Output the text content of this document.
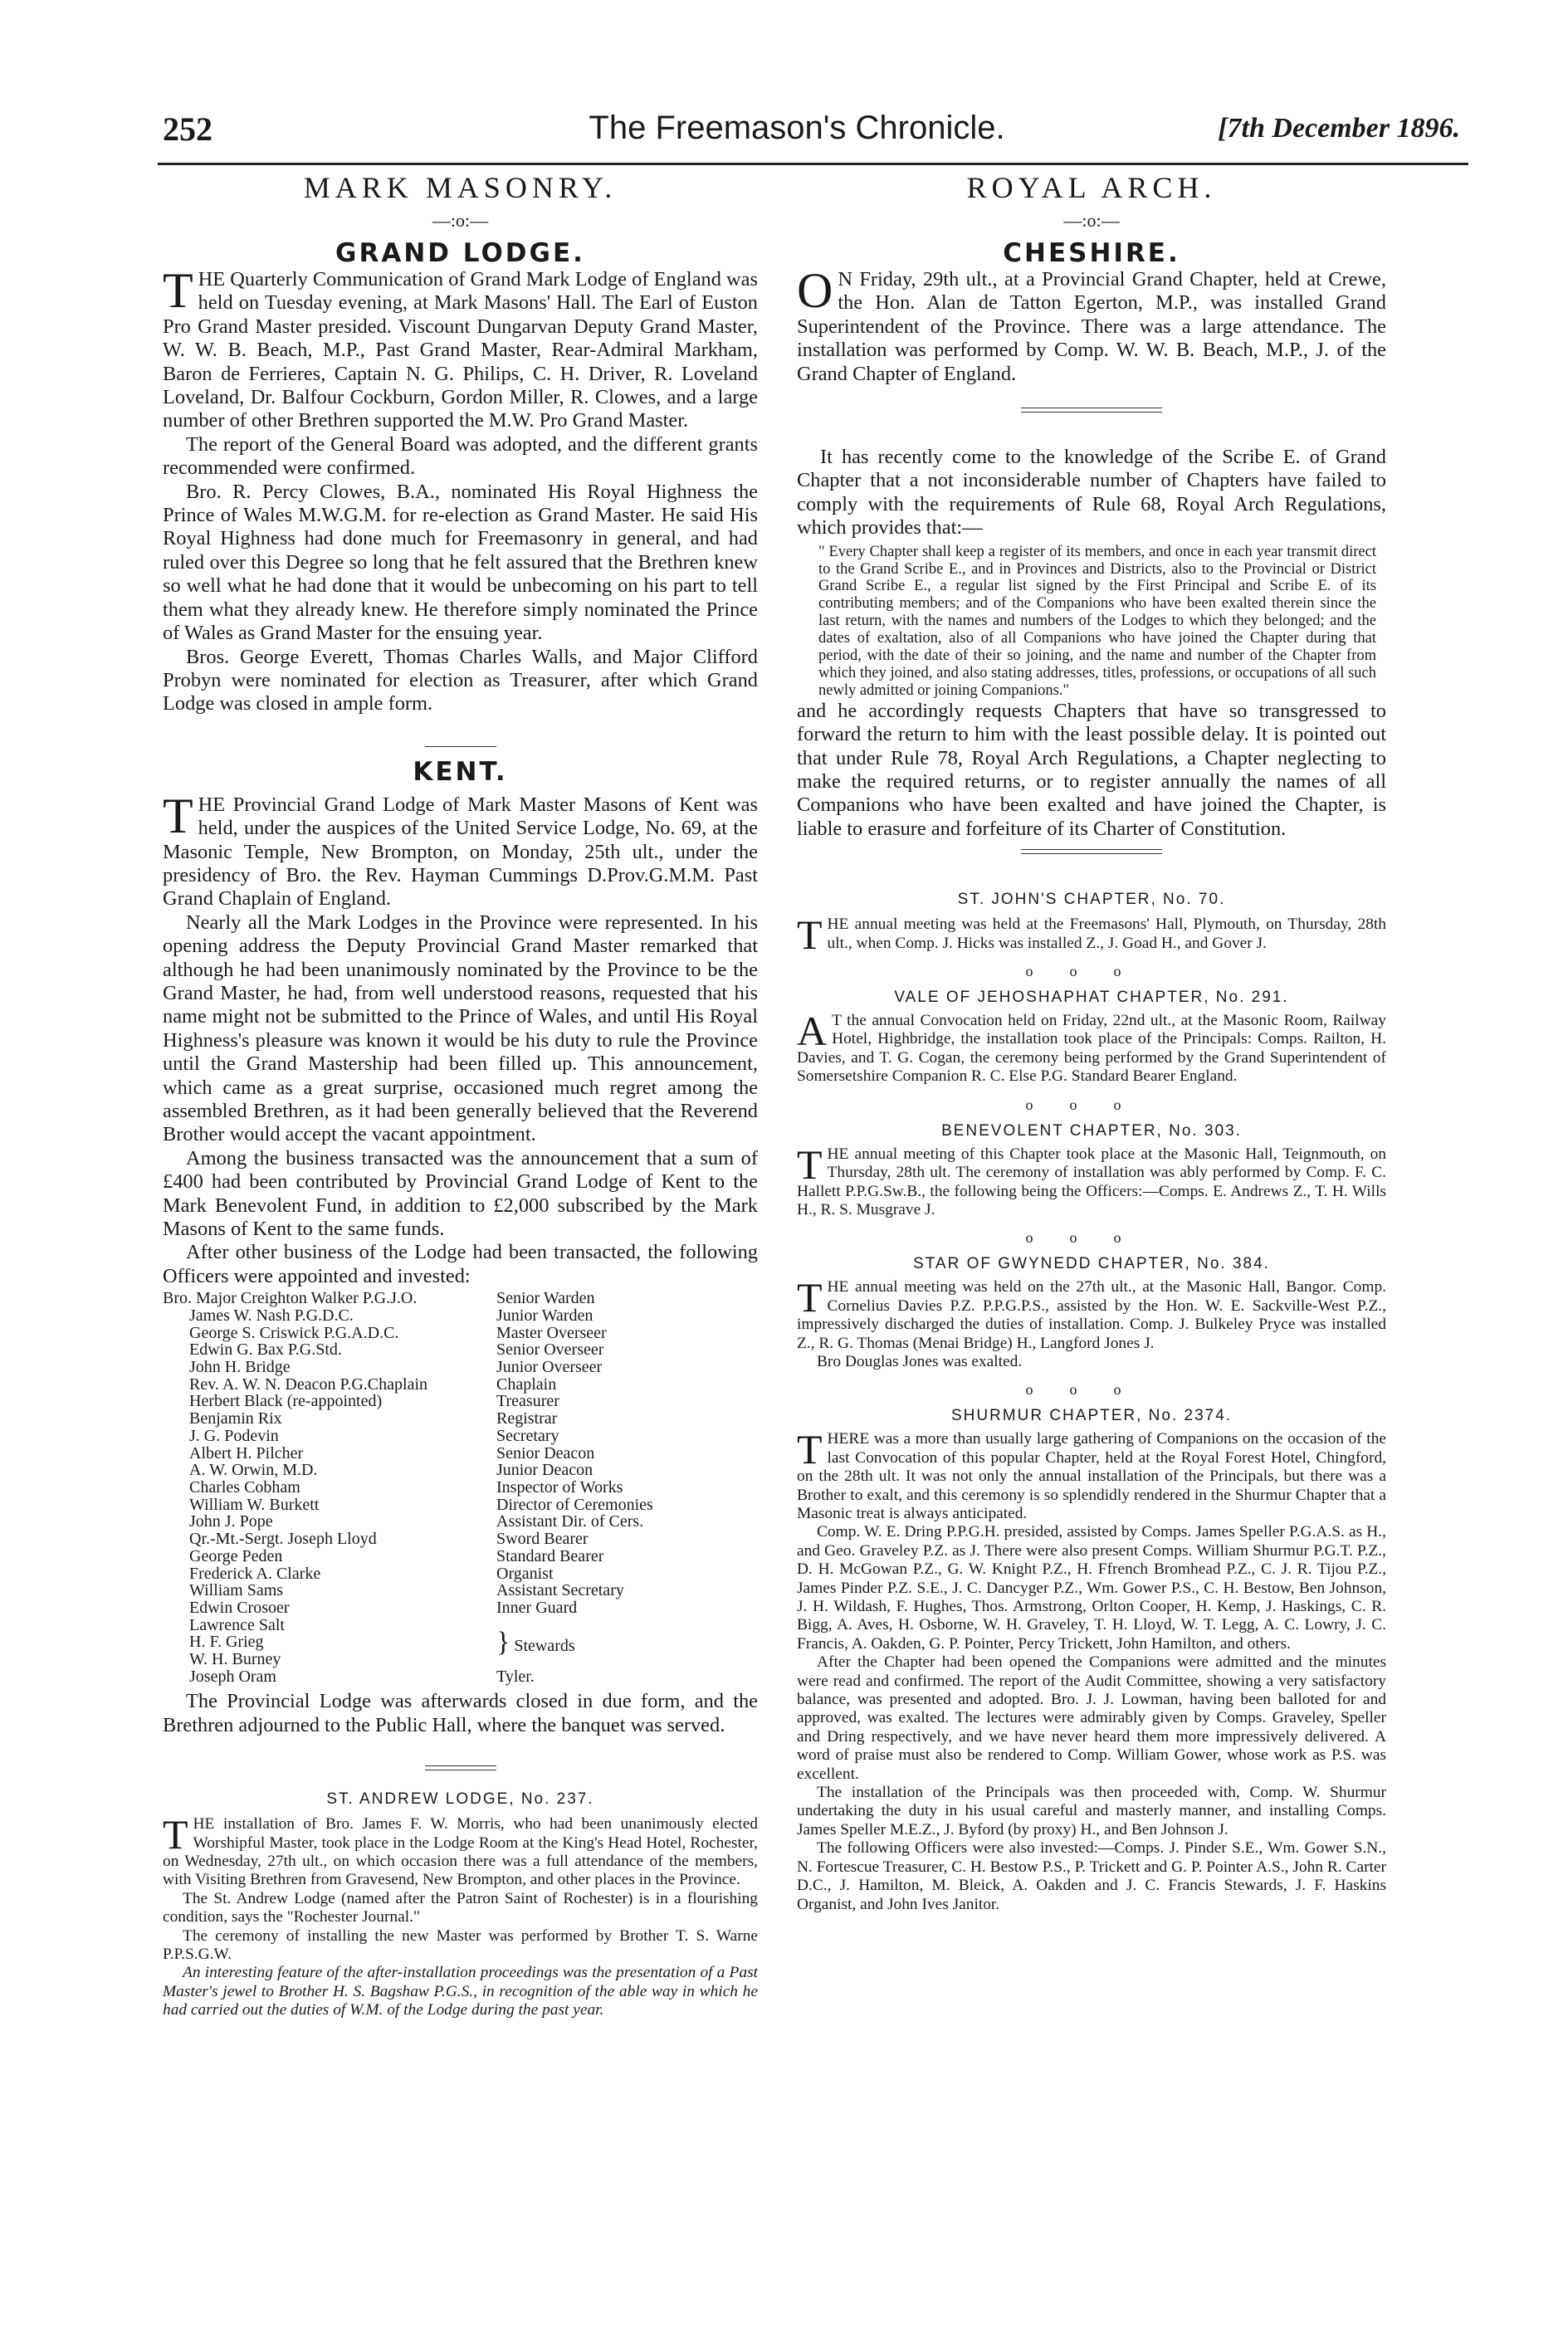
252	The Freemason's Chronicle.	[7th December 1896.
MARK MASONRY.
—:o:—
GRAND LODGE.

THE Quarterly Communication of Grand Mark Lodge of England was held on Tuesday evening, at Mark Masons' Hall. The Earl of Euston Pro Grand Master presided. Viscount Dungarvan Deputy Grand Master, W. W. B. Beach, M.P., Past Grand Master, Rear-Admiral Markham, Baron de Ferrieres, Captain N. G. Philips, C. H. Driver, R. Loveland Loveland, Dr. Balfour Cockburn, Gordon Miller, R. Clowes, and a large number of other Brethren supported the M.W. Pro Grand Master.

The report of the General Board was adopted, and the different grants recommended were confirmed.

Bro. R. Percy Clowes, B.A., nominated His Royal Highness the Prince of Wales M.W.G.M. for re-election as Grand Master. He said His Royal Highness had done much for Freemasonry in general, and had ruled over this Degree so long that he felt assured that the Brethren knew so well what he had done that it would be unbecoming on his part to tell them what they already knew. He therefore simply nominated the Prince of Wales as Grand Master for the ensuing year.

Bros. George Everett, Thomas Charles Walls, and Major Clifford Probyn were nominated for election as Treasurer, after which Grand Lodge was closed in ample form.

KENT.

THE Provincial Grand Lodge of Mark Master Masons of Kent was held, under the auspices of the United Service Lodge, No. 69, at the Masonic Temple, New Brompton, on Monday, 25th ult., under the presidency of Bro. the Rev. Hayman Cummings D.Prov.G.M.M. Past Grand Chaplain of England.

Nearly all the Mark Lodges in the Province were represented. In his opening address the Deputy Provincial Grand Master remarked that although he had been unanimously nominated by the Province to be the Grand Master, he had, from well understood reasons, requested that his name might not be submitted to the Prince of Wales, and until His Royal Highness's pleasure was known it would be his duty to rule the Province until the Grand Mastership had been filled up. This announcement, which came as a great surprise, occasioned much regret among the assembled Brethren, as it had been generally believed that the Reverend Brother would accept the vacant appointment.

Among the business transacted was the announcement that a sum of £400 had been contributed by Provincial Grand Lodge of Kent to the Mark Benevolent Fund, in addition to £2,000 subscribed by the Mark Masons of Kent to the same funds.

After other business of the Lodge had been transacted, the following Officers were appointed and invested:

Bro. Major Creighton Walker P.G.J.O.	Senior Warden
James W. Nash P.G.D.C.	Junior Warden
George S. Criswick P.G.A.D.C.	Master Overseer
Edwin G. Bax P.G.Std.	Senior Overseer
John H. Bridge	Junior Overseer
Rev. A. W. N. Deacon P.G.Chaplain	Chaplain
Herbert Black (re-appointed)	Treasurer
Benjamin Rix	Registrar
J. G. Podevin	Secretary
Albert H. Pilcher	Senior Deacon
A. W. Orwin, M.D.	Junior Deacon
Charles Cobham	Inspector of Works
William W. Burkett	Director of Ceremonies
John J. Pope	Assistant Dir. of Cers.
Qr.-Mt.-Sergt. Joseph Lloyd	Sword Bearer
George Peden	Standard Bearer
Frederick A. Clarke	Organist
William Sams	Assistant Secretary
Edwin Crosoer	Inner Guard

Lawrence Salt
H. F. Grieg
W. H. Burney	} Stewards
Joseph Oram	Tyler.

The Provincial Lodge was afterwards closed in due form, and the Brethren adjourned to the Public Hall, where the banquet was served.

ST. ANDREW LODGE, No. 237.

THE installation of Bro. James F. W. Morris, who had been unanimously elected Worshipful Master, took place in the Lodge Room at the King's Head Hotel, Rochester, on Wednesday, 27th ult., on which occasion there was a full attendance of the members, with Visiting Brethren from Gravesend, New Brompton, and other places in the Province.

The St. Andrew Lodge (named after the Patron Saint of Rochester) is in a flourishing condition, says the "Rochester Journal."

The ceremony of installing the new Master was performed by Brother T. S. Warne P.P.S.G.W.

An interesting feature of the after-installation proceedings was the presentation of a Past Master's jewel to Brother H. S. Bagshaw P.G.S., in recognition of the able way in which he had carried out the duties of W.M. of the Lodge during the past year.

ROYAL ARCH.
—:o:—
CHESHIRE.

O N Friday, 29th ult., at a Provincial Grand Chapter, held at Crewe, the Hon. Alan de Tatton Egerton, M.P., was installed Grand Superintendent of the Province. There was a large attendance. The installation was performed by Comp. W. W. B. Beach, M.P., J. of the Grand Chapter of England.

It has recently come to the knowledge of the Scribe E. of Grand Chapter that a not inconsiderable number of Chapters have failed to comply with the requirements of Rule 68, Royal Arch Regulations, which provides that:—

" Every Chapter shall keep a register of its members, and once in each year transmit direct to the Grand Scribe E., and in Provinces and Districts, also to the Provincial or District Grand Scribe E., a regular list signed by the First Principal and Scribe E. of its contributing members; and of the Companions who have been exalted therein since the last return, with the names and numbers of the Lodges to which they belonged; and the dates of exaltation, also of all Companions who have joined the Chapter during that period, with the date of their so joining, and the name and number of the Chapter from which they joined, and also stating addresses, titles, professions, or occupations of all such newly admitted or joining Companions."

and he accordingly requests Chapters that have so transgressed to forward the return to him with the least possible delay. It is pointed out that under Rule 78, Royal Arch Regulations, a Chapter neglecting to make the required returns, or to register annually the names of all Companions who have been exalted and have joined the Chapter, is liable to erasure and forfeiture of its Charter of Constitution.

ST. JOHN'S CHAPTER, No. 70.

THE annual meeting was held at the Freemasons' Hall, Plymouth, on Thursday, 28th ult., when Comp. J. Hicks was installed Z., J. Goad H., and Gover J.

ooo
VALE OF JEHOSHAPHAT CHAPTER, No. 291.

A T the annual Convocation held on Friday, 22nd ult., at the Masonic Room, Railway Hotel, Highbridge, the installation took place of the Principals: Comps. Railton, H. Davies, and T. G. Cogan, the ceremony being performed by the Grand Superintendent of Somersetshire Companion R. C. Else P.G. Standard Bearer England.

ooo
BENEVOLENT CHAPTER, No. 303.

THE annual meeting of this Chapter took place at the Masonic Hall, Teignmouth, on Thursday, 28th ult. The ceremony of installation was ably performed by Comp. F. C. Hallett P.P.G.Sw.B., the following being the Officers:—Comps. E. Andrews Z., T. H. Wills H., R. S. Musgrave J.

ooo
STAR OF GWYNEDD CHAPTER, No. 384.

THE annual meeting was held on the 27th ult., at the Masonic Hall, Bangor. Comp. Cornelius Davies P.Z. P.P.G.P.S., assisted by the Hon. W. E. Sackville-West P.Z., impressively discharged the duties of installation. Comp. J. Bulkeley Pryce was installed Z., R. G. Thomas (Menai Bridge) H., Langford Jones J.

Bro Douglas Jones was exalted.

ooo
SHURMUR CHAPTER, No. 2374.

THERE was a more than usually large gathering of Companions on the occasion of the last Convocation of this popular Chapter, held at the Royal Forest Hotel, Chingford, on the 28th ult. It was not only the annual installation of the Principals, but there was a Brother to exalt, and this ceremony is so splendidly rendered in the Shurmur Chapter that a Masonic treat is always anticipated.

Comp. W. E. Dring P.P.G.H. presided, assisted by Comps. James Speller P.G.A.S. as H., and Geo. Graveley P.Z. as J. There were also present Comps. William Shurmur P.G.T. P.Z., D. H. McGowan P.Z., G. W. Knight P.Z., H. Ffrench Bromhead P.Z., C. J. R. Tijou P.Z., James Pinder P.Z. S.E., J. C. Dancyger P.Z., Wm. Gower P.S., C. H. Bestow, Ben Johnson, J. H. Wildash, F. Hughes, Thos. Armstrong, Orlton Cooper, H. Kemp, J. Haskings, C. R. Bigg, A. Aves, H. Osborne, W. H. Graveley, T. H. Lloyd, W. T. Legg, A. C. Lowry, J. C. Francis, A. Oakden, G. P. Pointer, Percy Trickett, John Hamilton, and others.

After the Chapter had been opened the Companions were admitted and the minutes were read and confirmed. The report of the Audit Committee, showing a very satisfactory balance, was presented and adopted. Bro. J. J. Lowman, having been balloted for and approved, was exalted. The lectures were admirably given by Comps. Graveley, Speller and Dring respectively, and we have never heard them more impressively delivered. A word of praise must also be rendered to Comp. William Gower, whose work as P.S. was excellent.

The installation of the Principals was then proceeded with, Comp. W. Shurmur undertaking the duty in his usual careful and masterly manner, and installing Comps. James Speller M.E.Z., J. Byford (by proxy) H., and Ben Johnson J.

The following Officers were also invested:—Comps. J. Pinder S.E., Wm. Gower S.N., N. Fortescue Treasurer, C. H. Bestow P.S., P. Trickett and G. P. Pointer A.S., John R. Carter D.C., J. Hamilton, M. Bleick, A. Oakden and J. C. Francis Stewards, J. F. Haskins Organist, and John Ives Janitor.
